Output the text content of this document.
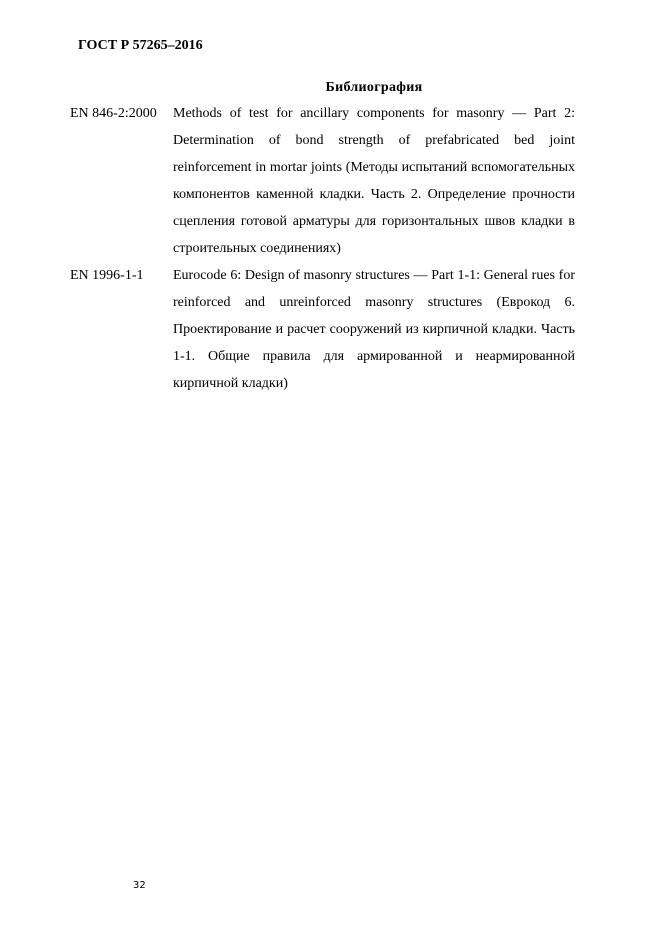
ГОСТ Р 57265–2016
Библиография
EN 846-2:2000 Methods of test for ancillary components for masonry — Part 2: Determination of bond strength of prefabricated bed joint reinforcement in mortar joints (Методы испытаний вспомогательных компонентов каменной кладки. Часть 2. Определение прочности сцепления готовой арматуры для горизонтальных швов кладки в строительных соединениях)
EN 1996-1-1 Eurocode 6: Design of masonry structures — Part 1-1: General rues for reinforced and unreinforced masonry structures (Еврокод 6. Проектирование и расчет сооружений из кирпичной кладки. Часть 1-1. Общие правила для армированной и неармированной кирпичной кладки)
32
